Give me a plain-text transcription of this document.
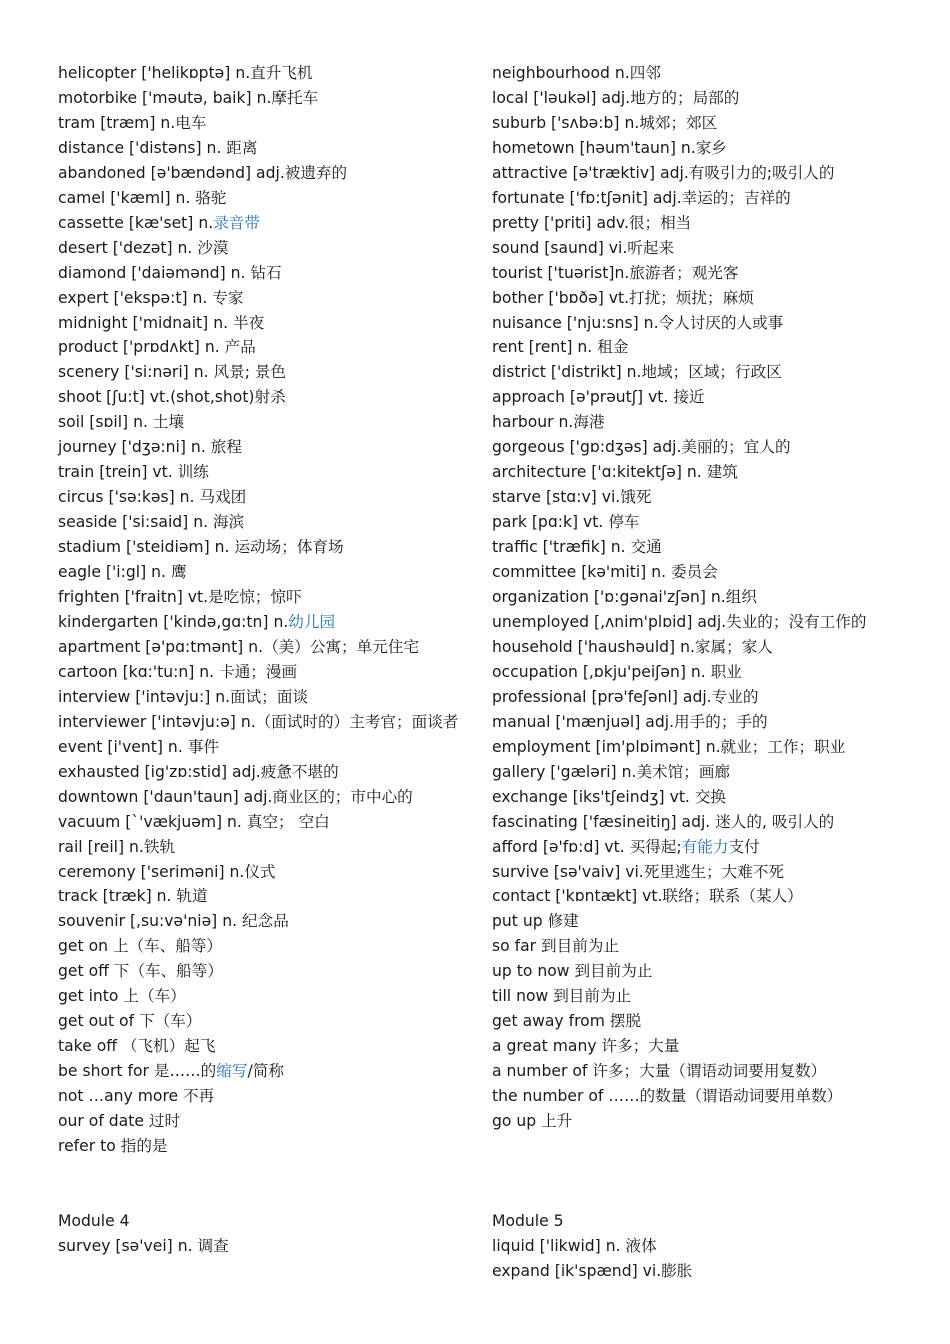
helicopter ['helikɒptə] n.直升飞机
motorbike ['məutə, baik] n.摩托车
tram [træm] n.电车
distance ['distəns] n. 距离
abandoned [ə'bændənd] adj.被遗弃的
camel ['kæml] n. 骆驼
cassette [kæ'set] n.录音带
desert ['dezət] n. 沙漠
diamond ['daiəmənd] n. 钻石
expert ['ekspə:t] n. 专家
midnight ['midnait] n. 半夜
product ['prɒdʌkt] n. 产品
scenery ['si:nəri] n. 风景; 景色
shoot [ʃu:t] vt.(shot,shot)射杀
soil [sɒil] n. 土壤
journey ['dʒə:ni] n. 旅程
train [trein] vt. 训练
circus ['sə:kəs] n. 马戏团
seaside ['si:said] n. 海滨
stadium ['steidiəm] n. 运动场；体育场
eagle ['i:gl] n. 鹰
frighten ['fraitn] vt.是吃惊；惊吓
kindergarten ['kində,gɑ:tn] n.幼儿园
apartment [ə'pɑ:tmənt] n.（美）公寓；单元住宅
cartoon [kɑ:'tu:n] n. 卡通；漫画
interview ['intəvju:] n.面试；面谈
interviewer ['intəvju:ə] n.（面试时的）主考官；面谈者
event [i'vent] n. 事件
exhausted [ig'zɒ:stid] adj.疲惫不堪的
downtown ['daun'taun] adj.商业区的；市中心的
vacuum [`'vækjuəm] n. 真空； 空白
rail [reil] n.铁轨
ceremony ['seriməni] n.仪式
track [træk] n. 轨道
souvenir [,su:və'niə] n. 纪念品
get on 上（车、船等）
get off 下（车、船等）
get into 上（车）
get out of 下（车）
take off （飞机）起飞
be short for 是……的缩写/简称
not …any more 不再
our of date 过时
refer to 指的是
Module 4
survey [sə'vei] n. 调查
neighbourhood n.四邻
local ['ləukəl] adj.地方的；局部的
suburb ['sʌbə:b] n.城郊；郊区
hometown [həum'taun] n.家乡
attractive [ə'træktiv] adj.有吸引力的;吸引人的
fortunate ['fɒ:tʃənit] adj.幸运的；吉祥的
pretty ['priti] adv.很；相当
sound [saund] vi.听起来
tourist ['tuərist]n.旅游者；观光客
bother ['bɒðə] vt.打扰；烦扰；麻烦
nuisance ['nju:sns] n.令人讨厌的人或事
rent [rent] n. 租金
district ['distrikt] n.地域；区域；行政区
approach [ə'prəutʃ] vt. 接近
harbour n.海港
gorgeous ['gɒ:dʒəs] adj.美丽的；宜人的
architecture ['ɑ:kitektʃə] n. 建筑
starve [stɑ:v] vi.饿死
park [pɑ:k] vt. 停车
traffic ['træfik] n. 交通
committee [kə'miti] n. 委员会
organization ['ɒ:gənai'zʃən] n.组织
unemployed [,ʌnim'plɒid] adj.失业的；没有工作的
household ['haushəuld] n.家属；家人
occupation [,ɒkju'peiʃən] n. 职业
professional [prə'feʃənl] adj.专业的
manual ['mænjuəl] adj.用手的；手的
employment [im'plɒimənt] n.就业；工作；职业
gallery ['gæləri] n.美术馆；画廊
exchange [iks'tʃeindʒ] vt. 交换
fascinating ['fæsineitiŋ] adj. 迷人的, 吸引人的
afford [ə'fɒ:d] vt. 买得起;有能力支付
survive [sə'vaiv] vi.死里逃生；大难不死
contact ['kɒntækt] vt.联络；联系（某人）
put up 修建
so far 到目前为止
up to now 到目前为止
till now 到目前为止
get away from 摆脱
a great many 许多；大量
a number of 许多；大量（谓语动词要用复数）
the number of ……的数量（谓语动词要用单数）
go up 上升
Module 5
liquid ['likwid] n. 液体
expand [ik'spænd] vi.膨胀
